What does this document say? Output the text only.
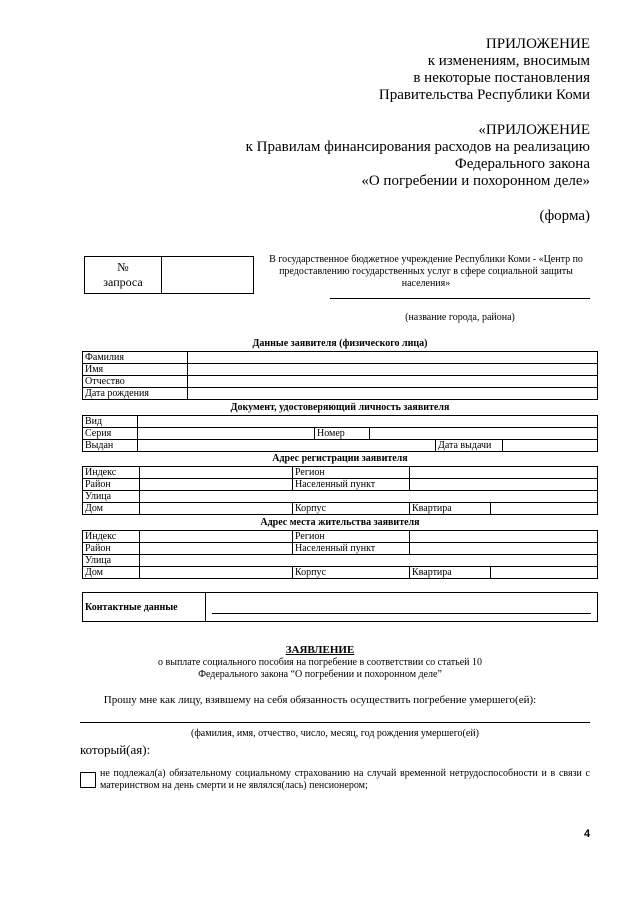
ПРИЛОЖЕНИЕ
к изменениям, вносимым
в некоторые постановления
Правительства Республики Коми
«ПРИЛОЖЕНИЕ
к Правилам финансирования расходов на реализацию
Федерального закона
«О погребении и похоронном деле»
(форма)
№
запроса

В государственное бюджетное учреждение Республики Коми - «Центр по предоставлению государственных услуг в сфере социальной защиты населения»
(название города, района)
Данные заявителя (физического лица)
Фамилия	
Имя	
Отчество	
Дата рождения	
Документ, удостоверяющий личность заявителя
Вид					
Серия		Номер			
Выдан				Дата выдачи	
Адрес регистрации заявителя
Индекс		Регион		
Район		Населенный пункт		
Улица				
Дом		Корпус	Квартира	
Адрес места жительства заявителя
Индекс		Регион		
Район		Населенный пункт		
Улица				
Дом		Корпус	Квартира	
Контактные данные	
ЗАЯВЛЕНИЕ
о выплате социального пособия на погребение в соответствии со статьей 10
Федерального закона “О погребении и похоронном деле”
Прошу мне как лицу, взявшему на себя обязанность осуществить погребение умершего(ей):
(фамилия, имя, отчество, число, месяц, год рождения умершего(ей)
который(ая):
не подлежал(а) обязательному социальному страхованию на случай временной нетрудоспособности и в связи с материнством на день смерти и не являлся(лась) пенсионером;
4
